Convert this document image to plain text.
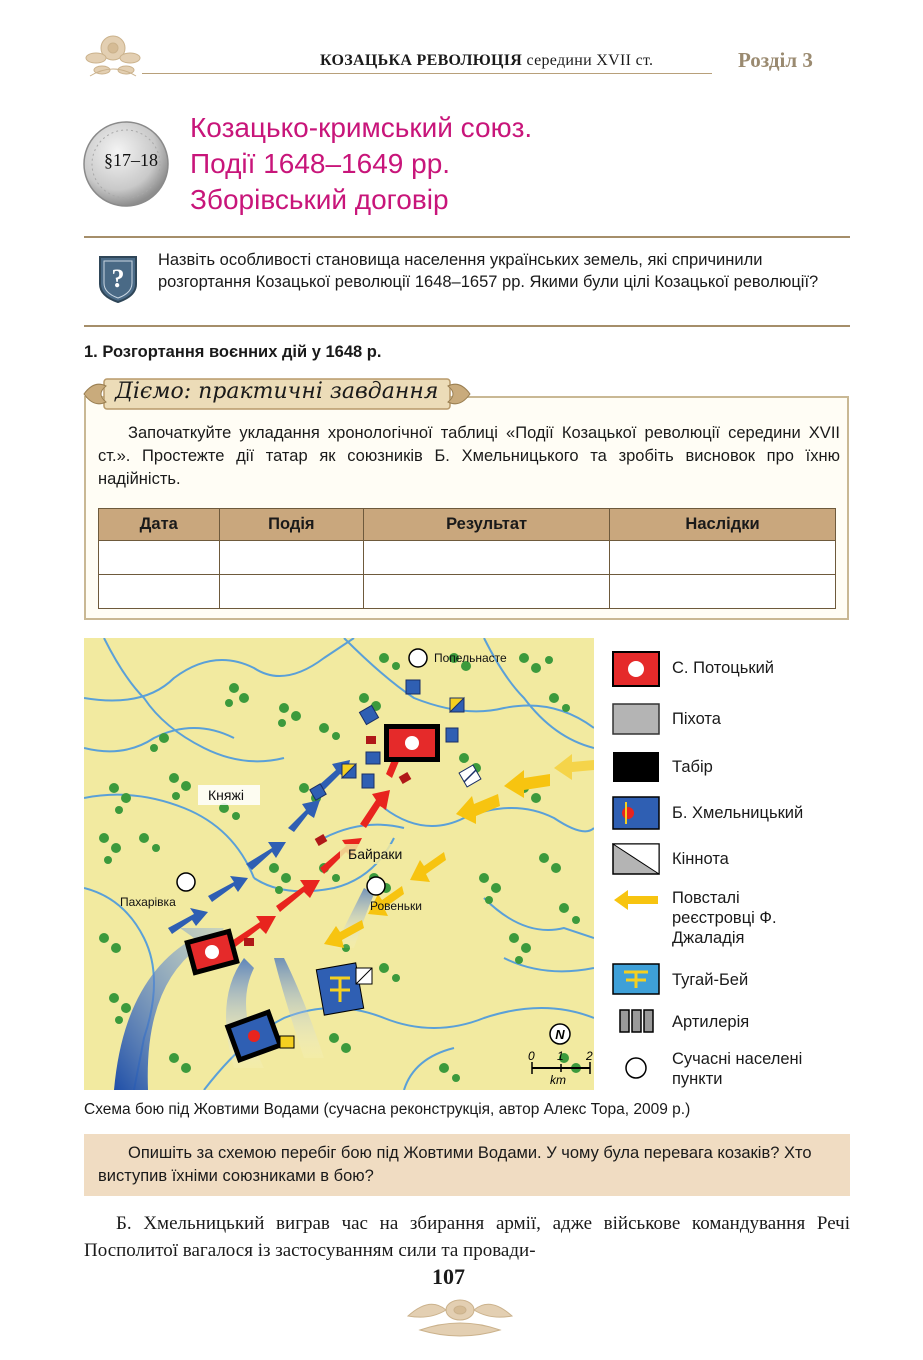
КОЗАЦЬКА РЕВОЛЮЦІЯ середини XVII ст.	Розділ 3
§17–18
Козацько-кримський союз.
Події 1648–1649 рр.
Зборівський договір
?
Назвіть особливості становища населення українських земель, які спричинили розгортання Козацької революції 1648–1657 рр. Якими були цілі Козацької революції?
1. Розгортання воєнних дій у 1648 р.
Діємо: практичні завдання
Започаткуйте укладання хронологічної таблиці «Події Козацької революції середини XVII ст.». Простежте дії татар як союзників Б. Хмельницького та зробіть висновок про їхню надійність.
Дата	Подія	Результат	Наслідки

Попельнасте
Княжі
Байраки
Пахарівка	Ровеньки
N
0 1 2
km
С. Потоцький
Піхота
Табір
Б. Хмельницький
Кіннота
Повсталі реєстровці Ф. Джаладія
Тугай-Бей
Артилерія
Сучасні населені пункти
Схема бою під Жовтими Водами (сучасна реконструкція, автор Алекс Тора, 2009 р.)
Опишіть за схемою перебіг бою під Жовтими Водами. У чому була перевага козаків? Хто виступив їхніми союзниками в бою?
Б. Хмельницький виграв час на збирання армії, адже військове командування Речі Посполитої вагалося із застосуванням сили та провади-
107
